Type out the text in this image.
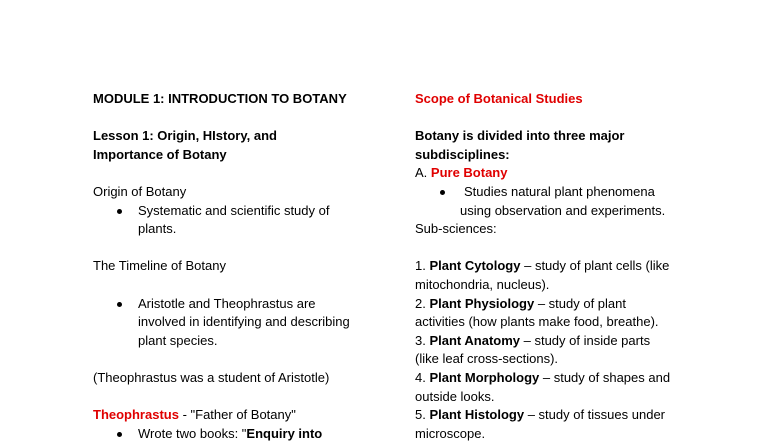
MODULE 1: INTRODUCTION TO BOTANY
Lesson 1: Origin, HIstory, and
Importance of Botany
Origin of Botany
Systematic and scientific study of
plants.
The Timeline of Botany
Aristotle and Theophrastus are
involved in identifying and describing
plant species.
(Theophrastus was a student of Aristotle)
Theophrastus - "Father of Botany"
Wrote two books: "Enquiry into
Scope of Botanical Studies
Botany is divided into three major
subdisciplines:
A. Pure Botany
Studies natural plant phenomena
using observation and experiments.
Sub-sciences:
1. Plant Cytology – study of plant cells (like
mitochondria, nucleus).
2. Plant Physiology – study of plant
activities (how plants make food, breathe).
3. Plant Anatomy – study of inside parts
(like leaf cross-sections).
4. Plant Morphology – study of shapes and
outside looks.
5. Plant Histology – study of tissues under
microscope.
